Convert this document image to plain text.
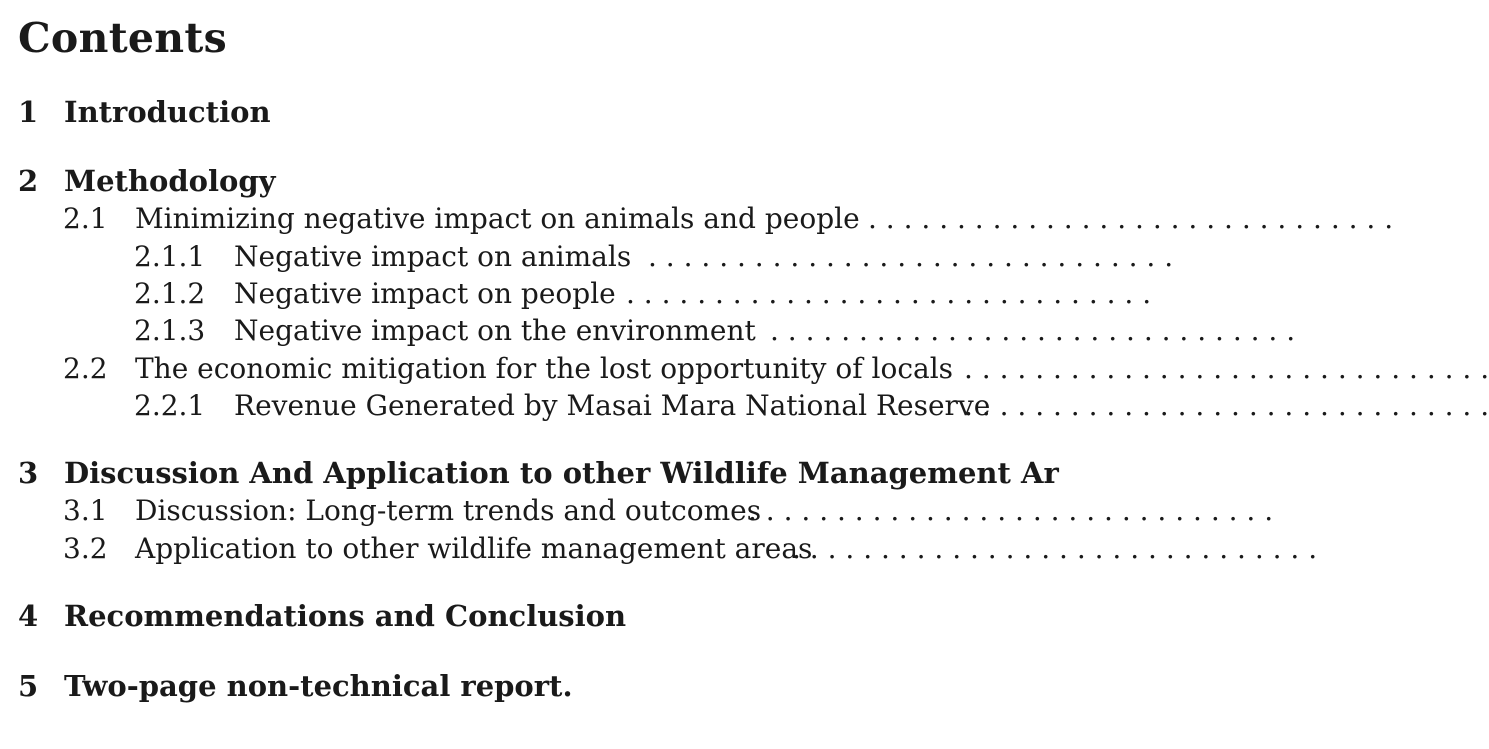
Contents
1 Introduction
2 Methodology
2.1 Minimizing negative impact on animals and people . . . . . . . . . . . . . . . . . . . . . . . . . . . . . .
2.1.1 Negative impact on animals . . . . . . . . . . . . . . . . . . . . . . . . . . . . . .
2.1.2 Negative impact on people . . . . . . . . . . . . . . . . . . . . . . . . . . . . . .
2.1.3 Negative impact on the environment . . . . . . . . . . . . . . . . . . . . . . . . . . . . . .
2.2 The economic mitigation for the lost opportunity of locals . . . . . . . . . . . . . . . . . . . . . . . . . . . . . .
2.2.1 Revenue Generated by Masai Mara National Reserve
. . . . . . . . . . . . . . . . . . . . . . . . . . . . . .
3 Discussion And Application to other Wildlife Management Ar
3.1 Discussion: Long-term trends and outcomes
. . . . . . . . . . . . . . . . . . . . . . . . . . . . . .
3.2 Application to other wildlife management areas
. . . . . . . . . . . . . . . . . . . . . . . . . . . . . .
4 Recommendations and Conclusion
5 Two-page non-technical report.
